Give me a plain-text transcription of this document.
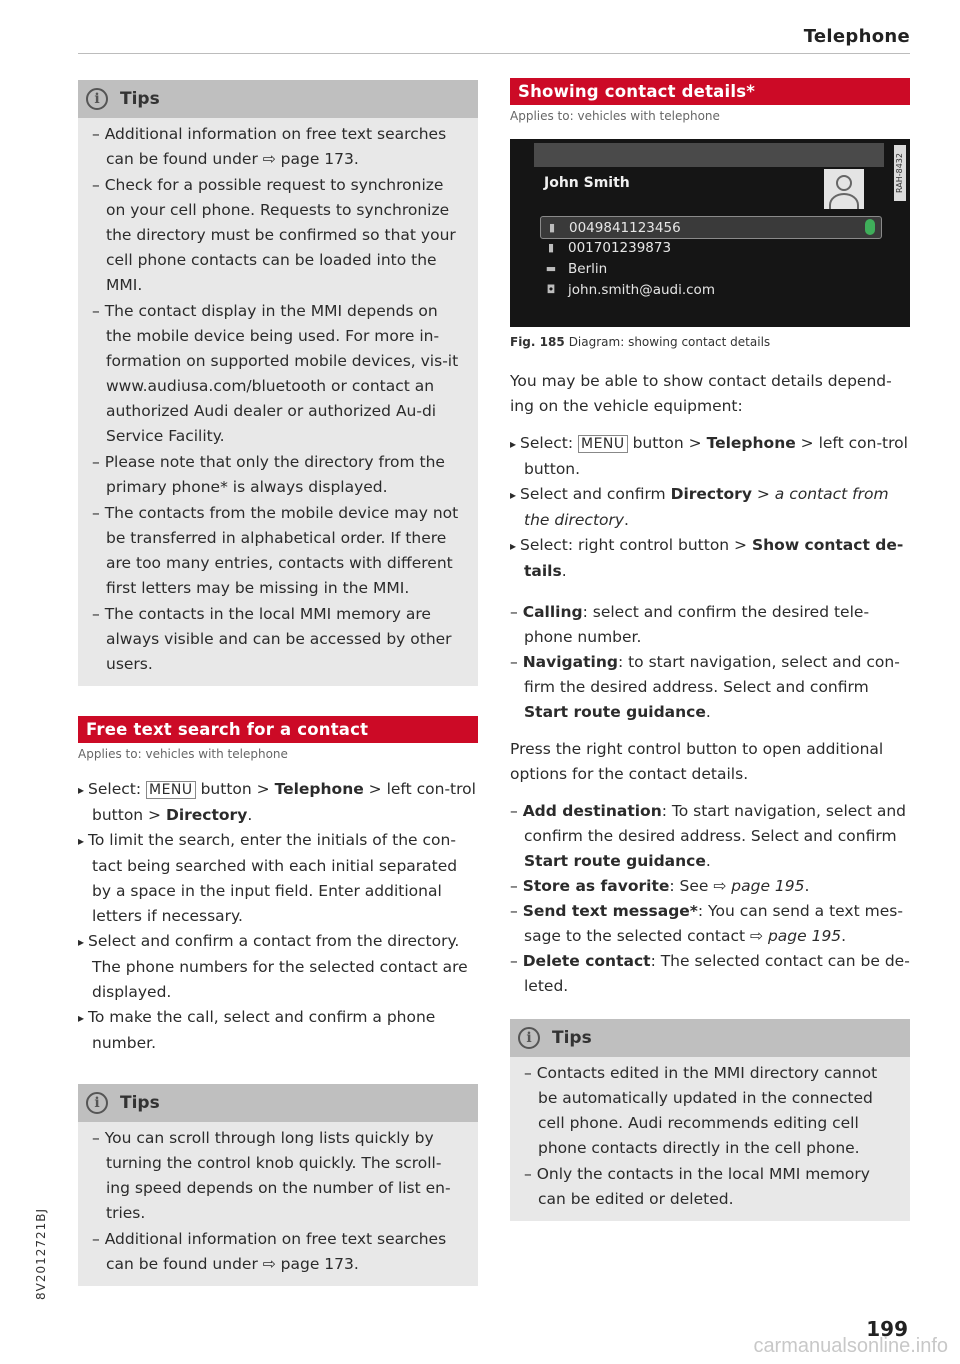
Telephone
i	Tips
– Additional information on free text searches can be found under ⇨ page 173.
– Check for a possible request to synchronize on your cell phone. Requests to synchronize the directory must be confirmed so that your cell phone contacts can be loaded into the MMI.
– The contact display in the MMI depends on the mobile device being used. For more in-formation on supported mobile devices, vis-it www.audiusa.com/bluetooth or contact an authorized Audi dealer or authorized Au-di Service Facility.
– Please note that only the directory from the primary phone* is always displayed.
– The contacts from the mobile device may not be transferred in alphabetical order. If there are too many entries, contacts with different first letters may be missing in the MMI.
– The contacts in the local MMI memory are always visible and can be accessed by other users.
Free text search for a contact

Applies to: vehicles with telephone

▸ Select: MENU button > Telephone > left con-trol button > Directory.
▸ To limit the search, enter the initials of the con-tact being searched with each initial separated by a space in the input field. Enter additional letters if necessary.
▸ Select and confirm a contact from the directory. The phone numbers for the selected contact are displayed.
▸ To make the call, select and confirm a phone number.
i	Tips
– You can scroll through long lists quickly by turning the control knob quickly. The scroll-ing speed depends on the number of list en-tries.
– Additional information on free text searches can be found under ⇨ page 173.
Showing contact details*

Applies to: vehicles with telephone

John Smith	RAH-8432
▮ 0049841123456
▮ 001701239873
▬ Berlin
◘ john.smith@audi.com
Fig. 185 Diagram: showing contact details

You may be able to show contact details depend-ing on the vehicle equipment:

▸ Select: MENU button > Telephone > left con-trol button.
▸ Select and confirm Directory > a contact from the directory.
▸ Select: right control button > Show contact de-tails.
– Calling: select and confirm the desired tele-phone number.
– Navigating: to start navigation, select and con-firm the desired address. Select and confirm Start route guidance.

Press the right control button to open additional options for the contact details.

– Add destination: To start navigation, select and confirm the desired address. Select and confirm Start route guidance.
– Store as favorite: See ⇨ page 195.
– Send text message*: You can send a text mes-sage to the selected contact ⇨ page 195.
– Delete contact: The selected contact can be de-leted.
i	Tips
– Contacts edited in the MMI directory cannot be automatically updated in the connected cell phone. Audi recommends editing cell phone contacts directly in the cell phone.
– Only the contacts in the local MMI memory can be edited or deleted.
8V2012721BJ
199
carmanualsonline.info
